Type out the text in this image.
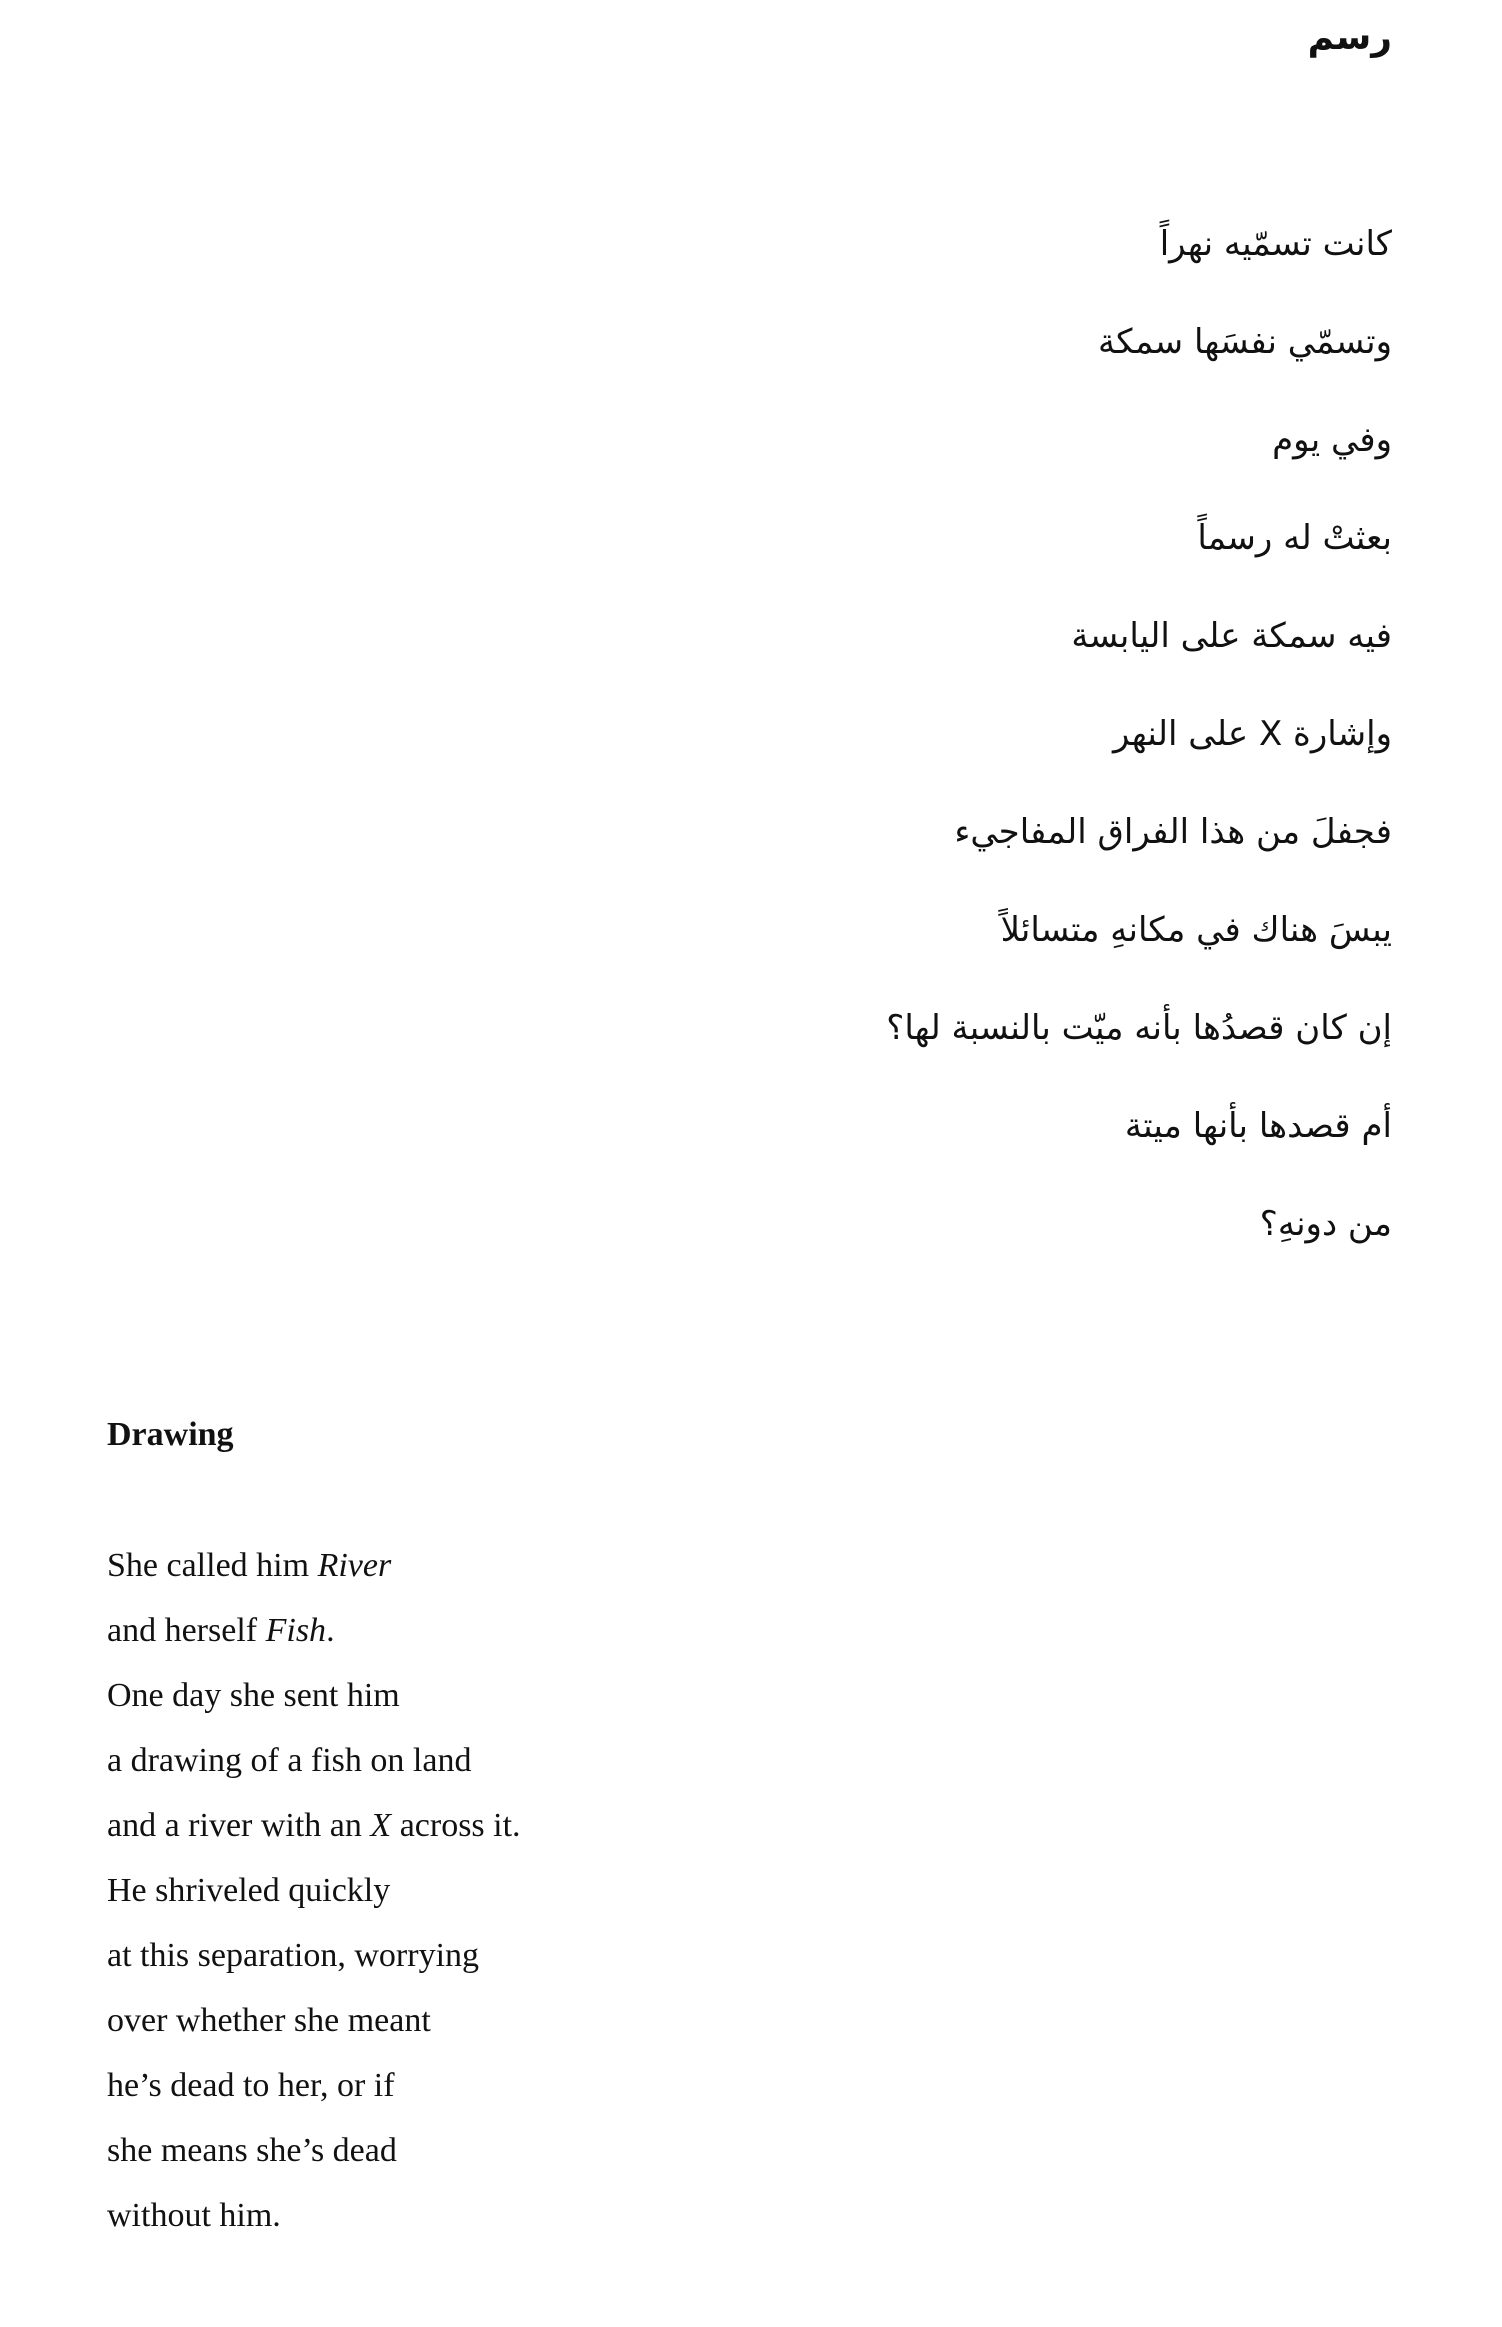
رسم
كانت تسمّيه نهراً
وتسمّي نفسَها سمكة
وفي يوم
بعثتْ له رسماً
فيه سمكة على اليابسة
وإشارة X على النهر
فجفلَ من هذا الفراق المفاجيء
يبسَ هناك في مكانهِ متسائلاً
إن كان قصدُها بأنه ميّت بالنسبة لها؟
أم قصدها بأنها ميتة
من دونهِ؟
Drawing
She called him River
and herself Fish.
One day she sent him
a drawing of a fish on land
and a river with an X across it.
He shriveled quickly
at this separation, worrying
over whether she meant
he’s dead to her, or if
she means she’s dead
without him.
